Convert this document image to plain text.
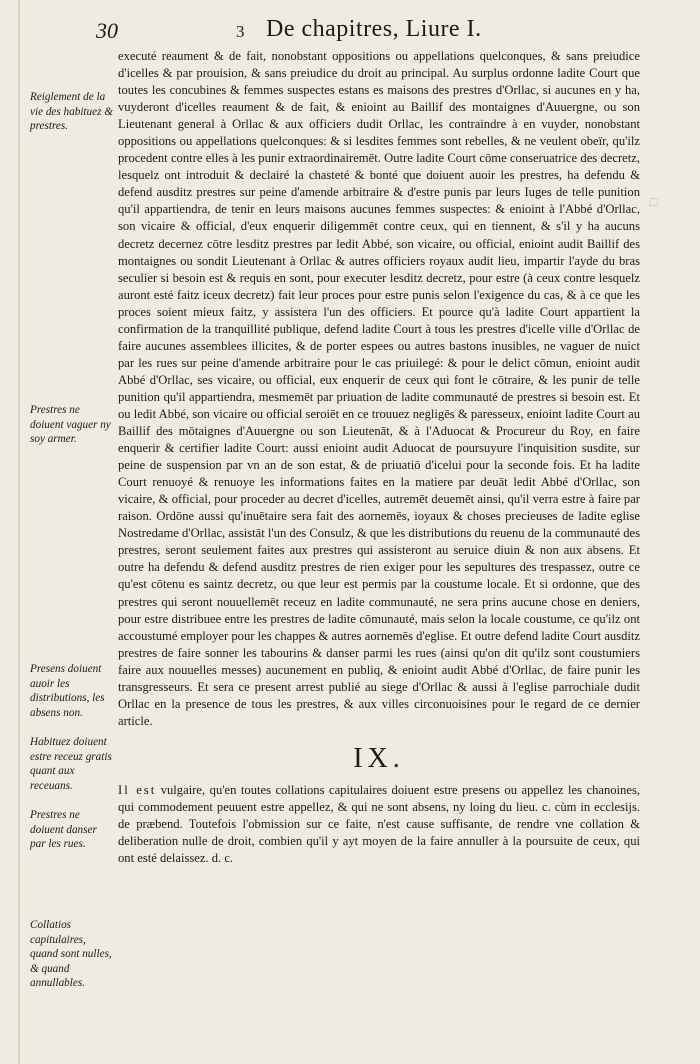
30	3 De chapitres, Liure I.
☐
Reiglement de la vie des habituez & prestres.
Prestres ne doiuent vaguer ny soy armer.
Presens doiuent auoir les distributions, les absens non.
Habituez doiuent estre receuz gratis quant aux receuans.
Prestres ne doiuent danser par les rues.
Collatios capitulaires, quand sont nulles, & quand annullables.

executé reaument & de fait, nonobstant oppositions ou appellations quelconques, & sans preiudice d'icelles & par prouision, & sans preiudice du droit au principal. Au surplus ordonne ladite Court que toutes les concubines & femmes suspectes estans es maisons des prestres d'Orllac, si aucunes en y ha, vuyderont d'icelles reaument & de fait, & enioint au Baillif des montaignes d'Auuergne, ou son Lieutenant general à Orllac & aux officiers dudit Orllac, les contraindre à en vuyder, nonobstant oppositions ou appellations quelconques: & si lesdites femmes sont rebelles, & ne veulent obeïr, qu'ilz procedent contre elles à les punir extraordinairemēt. Outre ladite Court cōme conseruatrice des decretz, lesquelz ont introduit & declairé la chasteté & bonté que doiuent auoir les prestres, ha defendu & defend ausditz prestres sur peine d'amende arbitraire & d'estre punis par leurs Iuges de telle punition qu'il appartiendra, de tenir en leurs maisons aucunes femmes suspectes: & enioint à l'Abbé d'Orllac, son vicaire & official, d'eux enquerir diligemmēt contre ceux, qui en tiennent, & s'il y ha aucuns decretz decernez cōtre lesditz prestres par ledit Abbé, son vicaire, ou official, enioint audit Baillif des montaignes ou sondit Lieutenant à Orllac & autres officiers royaux audit lieu, impartir l'ayde du bras seculier si besoin est & requis en sont, pour executer lesditz decretz, pour estre (à ceux contre lesquelz auront esté faitz iceux decretz) fait leur proces pour estre punis selon l'exigence du cas, & à ce que les proces soient mieux faitz, y assistera l'un des officiers. Et pource qu'à ladite Court appartient la confirmation de la tranquillité publique, defend ladite Court à tous les prestres d'icelle ville d'Orllac de faire aucunes assemblees illicites, & de porter espees ou autres bastons inusibles, ne vaguer de nuict par les rues sur peine d'amende arbitraire pour le cas priuilegé: & pour le delict cōmun, enioint audit Abbé d'Orllac, ses vicaire, ou official, eux enquerir de ceux qui font le cōtraire, & les punir de telle punition qu'il appartiendra, mesmemēt par priuation de ladite communauté de prestres si besoin est. Et ou ledit Abbé, son vicaire ou official seroiēt en ce trouuez negligēs & paresseux, enioint ladite Court au Baillif des mōtaignes d'Auuergne ou son Lieutenāt, & à l'Aduocat & Procureur du Roy, en faire enquerir & certifier ladite Court: aussi enioint audit Aduocat de poursuyure l'inquisition susdite, sur peine de suspension par vn an de son estat, & de priuatiō d'icelui pour la seconde fois. Et ha ladite Court renuoyé & renuoye les informations faites en la matiere par deuāt ledit Abbé d'Orllac, son vicaire, & official, pour proceder au decret d'icelles, autremēt deuemēt ainsi, qu'il verra estre à faire par raison. Ordōne aussi qu'inuētaire sera fait des aornemēs, ioyaux & choses precieuses de ladite eglise Nostredame d'Orllac, assistāt l'un des Consulz, & que les distributions du reuenu de la communauté des prestres, seront seulement faites aux prestres qui assisteront au seruice diuin & non aux absens. Et outre ha defendu & defend ausditz prestres de rien exiger pour les sepultures des trespassez, outre ce qu'est cōtenu es saintz decretz, ou que leur est permis par la coustume locale. Et si ordonne, que des prestres qui seront nouuellemēt receuz en ladite communauté, ne sera prins aucune chose en deniers, pour estre distribuee entre les prestres de ladite cōmunauté, mais selon la locale coustume, ce qu'ilz ont accoustumé employer pour les chappes & autres aornemēs d'eglise. Et outre defend ladite Court ausditz prestres de faire sonner les tabourins & danser parmi les rues (ainsi qu'on dit qu'ilz sont coustumiers faire aux nouuelles messes) aucunement en publiq, & enioint audit Abbé d'Orllac, de faire punir les transgresseurs. Et sera ce present arrest publié au siege d'Orllac & aussi à l'eglise parrochiale dudit Orllac en la presence de tous les prestres, & aux villes circonuoisines pour le regard de ce dernier article.

IX.

Il est vulgaire, qu'en toutes collations capitulaires doiuent estre presens ou appellez les chanoines, qui commodement peuuent estre appellez, & qui ne sont absens, ny loing du lieu. c. cùm in ecclesijs. de præbend. Toutefois l'obmission sur ce faite, n'est cause suffisante, de rendre vne collation & deliberation nulle de droit, combien qu'il y ayt moyen de la faire annuller à la poursuite de ceux, qui ont esté delaissez. d. c.
